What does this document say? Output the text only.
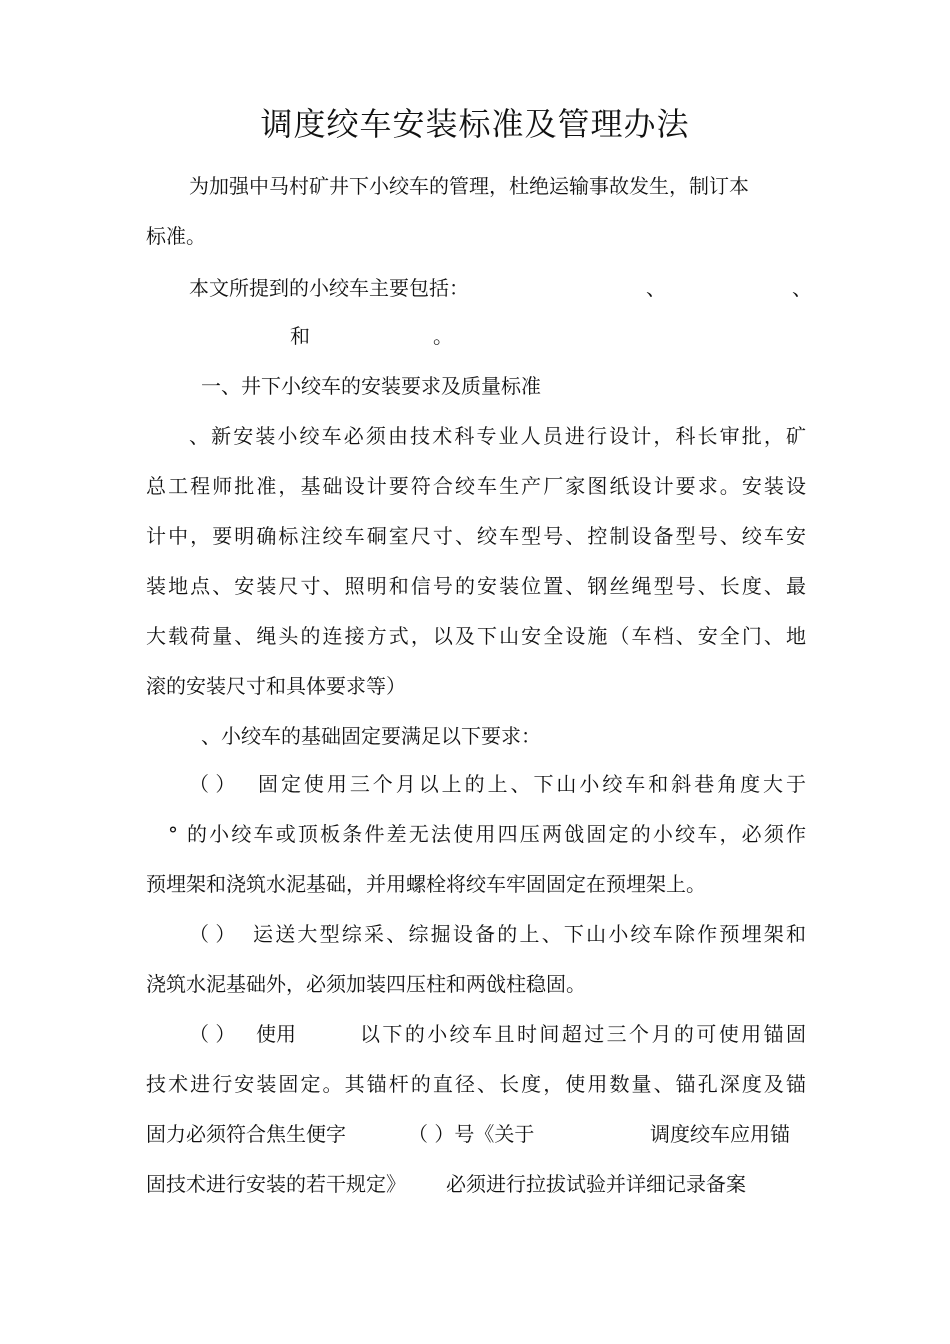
调度绞车安装标准及管理办法
为加强中马村矿井下小绞车的管理，杜绝运输事故发生，制订本
标准。
本文所提到的小绞车主要包括：	、	、
和	。
一、井下小绞车的安装要求及质量标准
、新安装小绞车必须由技术科专业人员进行设计，科长审批，矿
总工程师批准，基础设计要符合绞车生产厂家图纸设计要求。安装设
计中，要明确标注绞车硐室尺寸、绞车型号、控制设备型号、绞车安
装地点、安装尺寸、照明和信号的安装位置、钢丝绳型号、长度、最
大载荷量、绳头的连接方式，以及下山安全设施（车档、安全门、地
滚的安装尺寸和具体要求等）
、小绞车的基础固定要满足以下要求：
（ ） 固定使用三个月以上的上、下山小绞车和斜巷角度大于
° 的小绞车或顶板条件差无法使用四压两戗固定的小绞车，必须作
预埋架和浇筑水泥基础，并用螺栓将绞车牢固固定在预埋架上。
（ ） 运送大型综采、综掘设备的上、下山小绞车除作预埋架和
浇筑水泥基础外，必须加装四压柱和两戗柱稳固。
（ ） 使用	以下的小绞车且时间超过三个月的可使用锚固
技术进行安装固定。其锚杆的直径、长度，使用数量、锚孔深度及锚
固力必须符合焦生便字	（ ）号《关于	调度绞车应用锚
固技术进行安装的若干规定》 必须进行拉拔试验并详细记录备案
